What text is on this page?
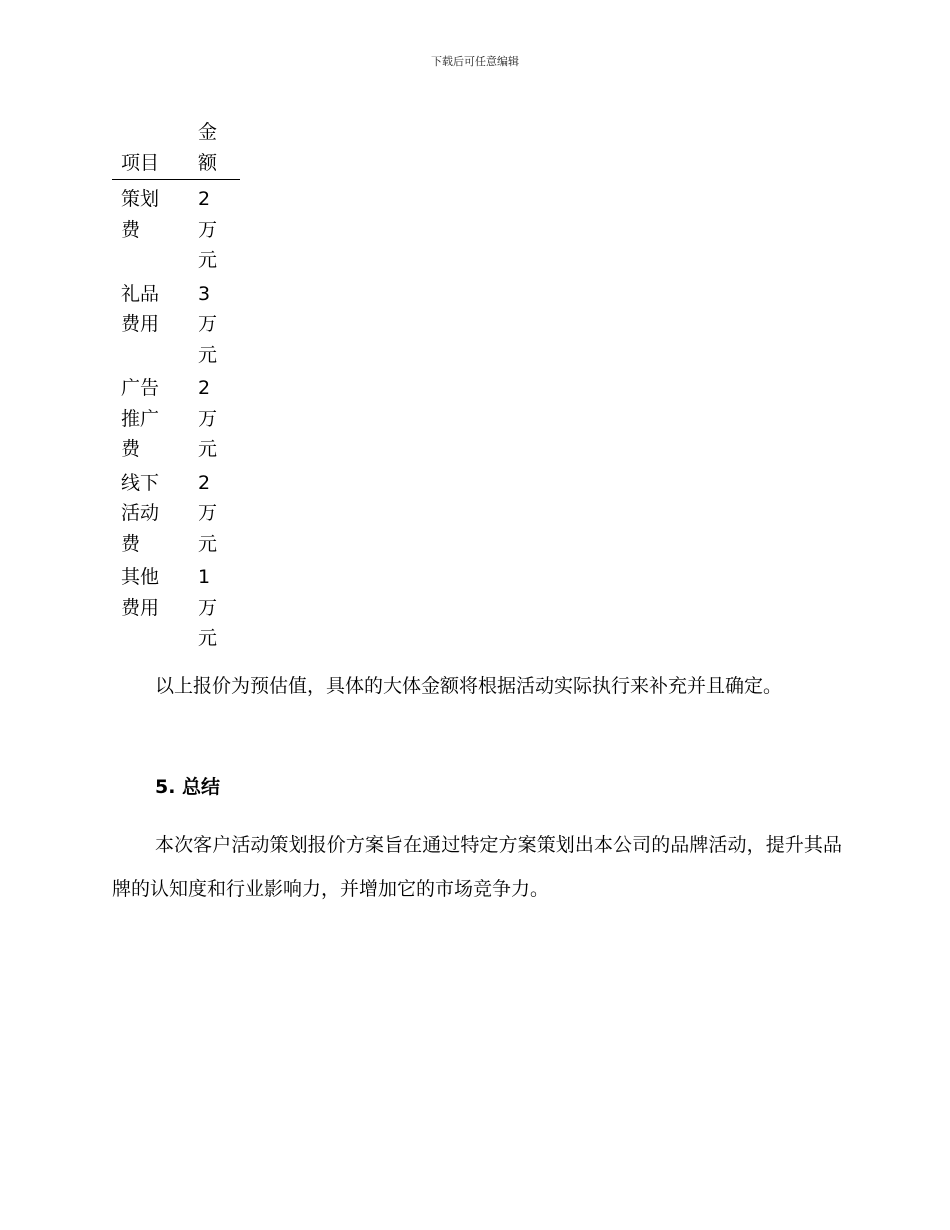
下载后可任意编辑
项目	金额
策划费	2万元
礼品费用	3万元
广告推广费	2万元
线下活动费	2万元
其他费用	1万元

以上报价为预估值，具体的大体金额将根据活动实际执行来补充并且确定。

5. 总结

本次客户活动策划报价方案旨在通过特定方案策划出本公司的品牌活动，提升其品牌的认知度和行业影响力，并增加它的市场竞争力。
